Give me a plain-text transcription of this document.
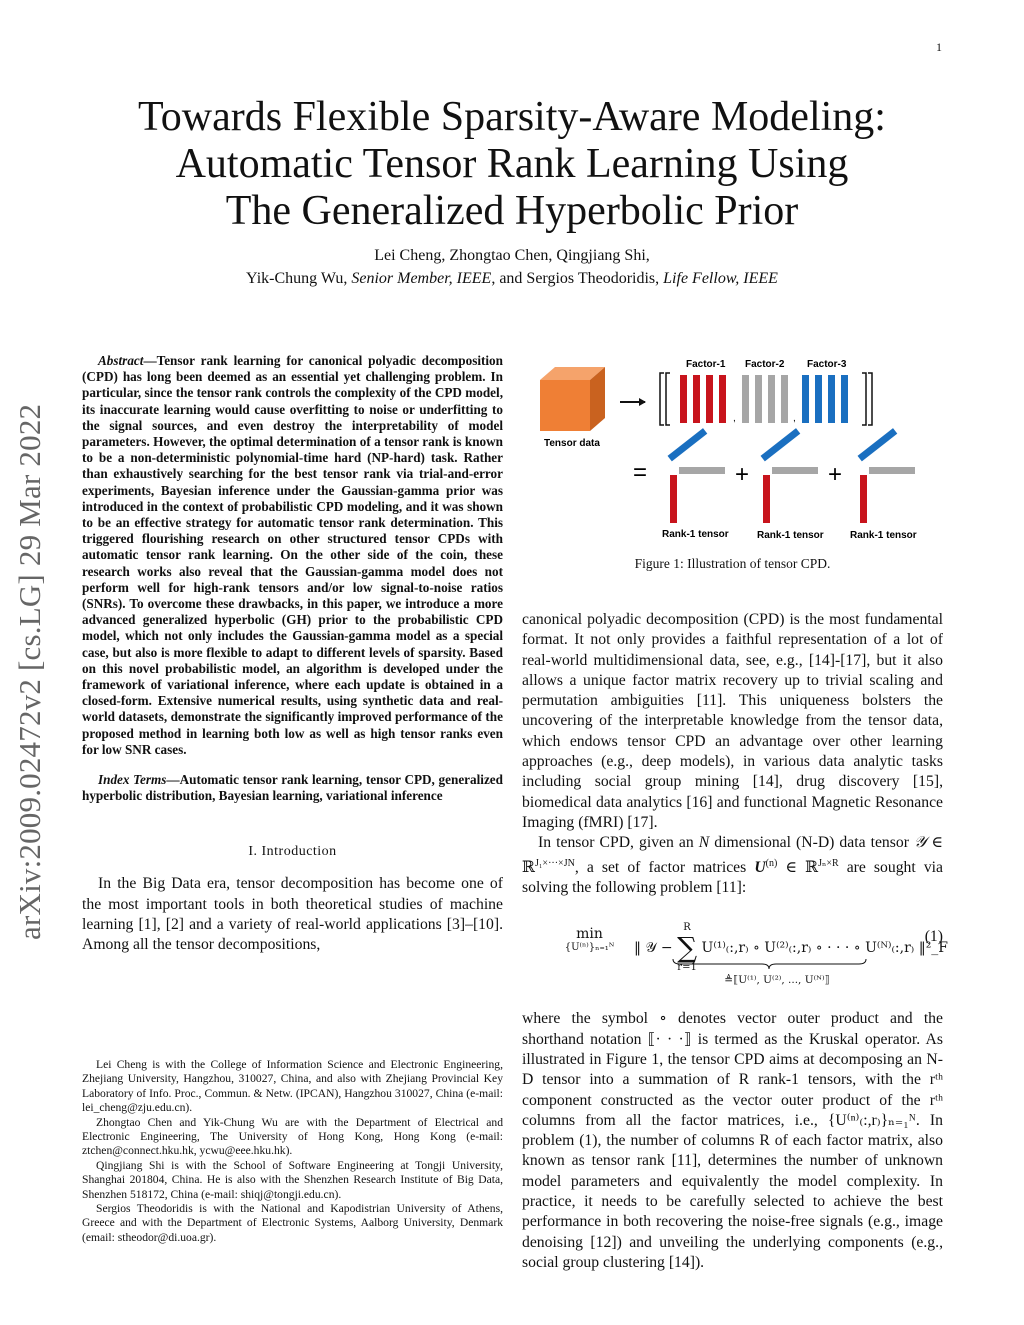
1
arXiv:2009.02472v2 [cs.LG] 29 Mar 2022
Towards Flexible Sparsity-Aware Modeling:
Automatic Tensor Rank Learning Using
The Generalized Hyperbolic Prior
Lei Cheng, Zhongtao Chen, Qingjiang Shi,
Yik-Chung Wu, Senior Member, IEEE, and Sergios Theodoridis, Life Fellow, IEEE

Abstract—Tensor rank learning for canonical polyadic decomposition (CPD) has long been deemed as an essential yet challenging problem. In particular, since the tensor rank controls the complexity of the CPD model, its inaccurate learning would cause overfitting to noise or underfitting to the signal sources, and even destroy the interpretability of model parameters. However, the optimal determination of a tensor rank is known to be a non-deterministic polynomial-time hard (NP-hard) task. Rather than exhaustively searching for the best tensor rank via trial-and-error experiments, Bayesian inference under the Gaussian-gamma prior was introduced in the context of probabilistic CPD modeling, and it was shown to be an effective strategy for automatic tensor rank determination. This triggered flourishing research on other structured tensor CPDs with automatic tensor rank learning. On the other side of the coin, these research works also reveal that the Gaussian-gamma model does not perform well for high-rank tensors and/or low signal-to-noise ratios (SNRs). To overcome these drawbacks, in this paper, we introduce a more advanced generalized hyperbolic (GH) prior to the probabilistic CPD model, which not only includes the Gaussian-gamma model as a special case, but also is more flexible to adapt to different levels of sparsity. Based on this novel probabilistic model, an algorithm is developed under the framework of variational inference, where each update is obtained in a closed-form. Extensive numerical results, using synthetic data and real-world datasets, demonstrate the significantly improved performance of the proposed method in learning both low as well as high tensor ranks even for low SNR cases.

Index Terms—Automatic tensor rank learning, tensor CPD, generalized hyperbolic distribution, Bayesian learning, variational inference

I. Introduction

In the Big Data era, tensor decomposition has become one of the most important tools in both theoretical studies of machine learning [1], [2] and a variety of real-world applications [3]–[10]. Among all the tensor decompositions,

Lei Cheng is with the College of Information Science and Electronic Engineering, Zhejiang University, Hangzhou, 310027, China, and also with Zhejiang Provincial Key Laboratory of Info. Proc., Commun. & Netw. (IPCAN), Hangzhou 310027, China (e-mail: lei_cheng@zju.edu.cn).

Zhongtao Chen and Yik-Chung Wu are with the Department of Electrical and Electronic Engineering, The University of Hong Kong, Hong Kong (e-mail: ztchen@connect.hku.hk, ycwu@eee.hku.hk).

Qingjiang Shi is with the School of Software Engineering at Tongji University, Shanghai 201804, China. He is also with the Shenzhen Research Institute of Big Data, Shenzhen 518172, China (e-mail: shiqj@tongji.edu.cn).

Sergios Theodoridis is with the National and Kapodistrian University of Athens, Greece and with the Department of Electronic Systems, Aalborg University, Denmark (email: stheodor@di.uoa.gr).

Tensor data
Factor-1 Factor-2 Factor-3
,	,
=	+	+
Rank-1 tensor	Rank-1 tensor	Rank-1 tensor
Figure 1: Illustration of tensor CPD.

canonical polyadic decomposition (CPD) is the most fundamental format. It not only provides a faithful representation of a lot of real-world multidimensional data, see, e.g., [14]-[17], but it also allows a unique factor matrix recovery up to trivial scaling and permutation ambiguities [11]. This uniqueness bolsters the uncovering of the interpretable knowledge from the tensor data, which endows tensor CPD an advantage over other learning approaches (e.g., deep models), in various data analytic tasks including social group mining [14], drug discovery [15], biomedical data analytics [16] and functional Magnetic Resonance Imaging (fMRI) [17].

In tensor CPD, given an N dimensional (N-D) data tensor 𝒴 ∈ ℝ$^{J_1\times\cdot\cdot\cdot\times JN}$, a set of factor matrices $U^{(n)}$ ∈ ℝ$^{J_n\times R}$ are sought via solving the following problem [11]:

min
{U⁽ⁿ⁾}ₙ₌₁ᴺ	‖ 𝒴 − R
∑
r=1 U⁽¹⁾₍:,r₎ ∘ U⁽²⁾₍:,r₎ ∘ · · · ∘ U⁽ᴺ⁾₍:,r₎ ‖²_F
≜⟦U⁽¹⁾, U⁽²⁾, ..., U⁽ᴺ⁾⟧
(1)

where the symbol ∘ denotes vector outer product and the shorthand notation ⟦· · ·⟧ is termed as the Kruskal operator. As illustrated in Figure 1, the tensor CPD aims at decomposing an N-D tensor into a summation of R rank-1 tensors, with the rᵗʰ component constructed as the vector outer product of the rᵗʰ columns from all the factor matrices, i.e., {U⁽ⁿ⁾₍:,r₎}ₙ₌₁ᴺ. In problem (1), the number of columns R of each factor matrix, also known as tensor rank [11], determines the number of unknown model parameters and equivalently the model complexity. In practice, it needs to be carefully selected to achieve the best performance in both recovering the noise-free signals (e.g., image denoising [12]) and unveiling the underlying components (e.g., social group clustering [14]).
